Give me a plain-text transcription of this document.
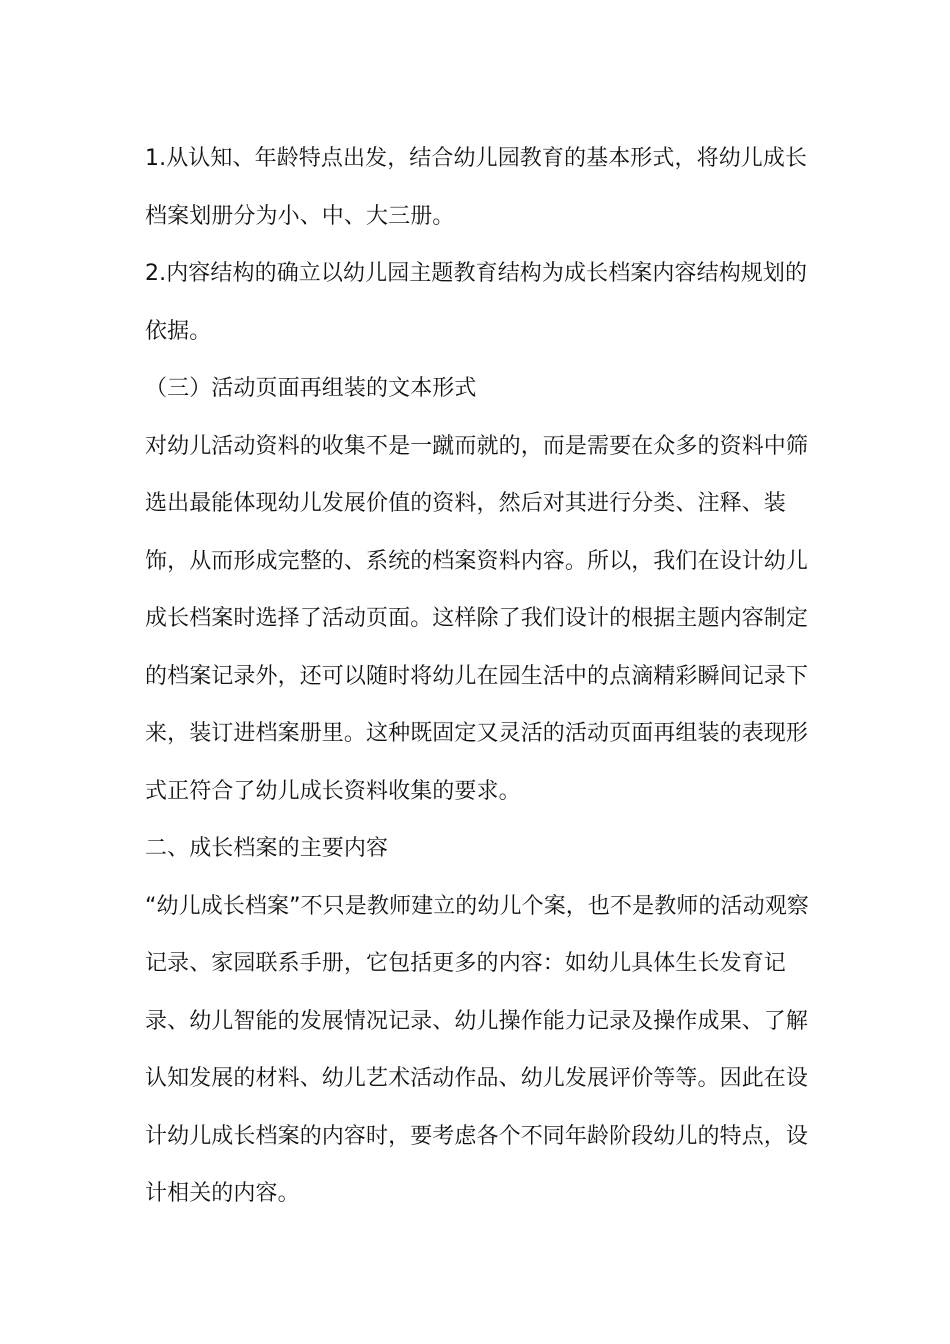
1.从认知、年龄特点出发，结合幼儿园教育的基本形式，将幼儿成长档案划册分为小、中、大三册。

2.内容结构的确立以幼儿园主题教育结构为成长档案内容结构规划的依据。

（三）活动页面再组装的文本形式

对幼儿活动资料的收集不是一蹴而就的，而是需要在众多的资料中筛选出最能体现幼儿发展价值的资料，然后对其进行分类、注释、装饰，从而形成完整的、系统的档案资料内容。所以，我们在设计幼儿成长档案时选择了活动页面。这样除了我们设计的根据主题内容制定的档案记录外，还可以随时将幼儿在园生活中的点滴精彩瞬间记录下来，装订进档案册里。这种既固定又灵活的活动页面再组装的表现形式正符合了幼儿成长资料收集的要求。

二、成长档案的主要内容

“幼儿成长档案”不只是教师建立的幼儿个案，也不是教师的活动观察记录、家园联系手册，它包括更多的内容：如幼儿具体生长发育记录、幼儿智能的发展情况记录、幼儿操作能力记录及操作成果、了解认知发展的材料、幼儿艺术活动作品、幼儿发展评价等等。因此在设计幼儿成长档案的内容时，要考虑各个不同年龄阶段幼儿的特点，设计相关的内容。
